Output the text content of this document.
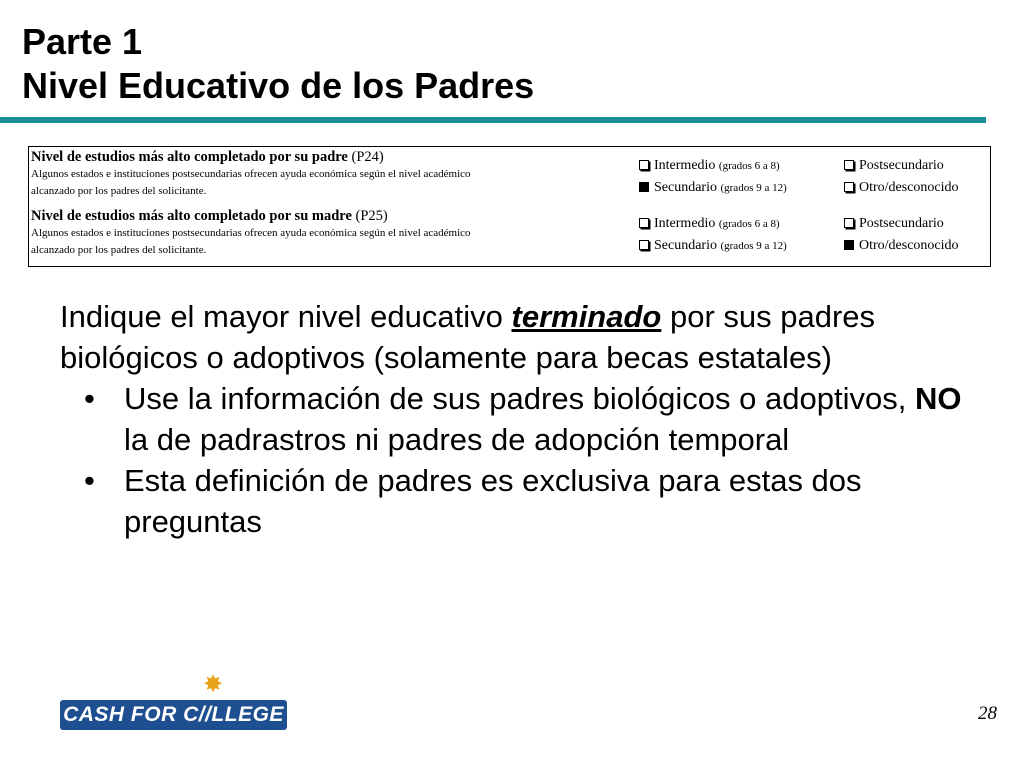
Parte 1
Nivel Educativo de los Padres
Nivel de estudios más alto completado por su padre (P24)
Algunos estados e instituciones postsecundarias ofrecen ayuda económica según el nivel académico
alcanzado por los padres del solicitante.
Intermedio (grados 6 a 8)	Postsecundario
Secundario (grados 9 a 12)	Otro/desconocido
Nivel de estudios más alto completado por su madre (P25)
Algunos estados e instituciones postsecundarias ofrecen ayuda económica según el nivel académico
alcanzado por los padres del solicitante.
Intermedio (grados 6 a 8)	Postsecundario
Secundario (grados 9 a 12)	Otro/desconocido
Indique el mayor nivel educativo terminado por sus padres biológicos o adoptivos (solamente para becas estatales)
• Use la información de sus padres biológicos o adoptivos, NO la de padrastros ni padres de adopción temporal
• Esta definición de padres es exclusiva para estas dos preguntas
✸
CASH FOR C//LLEGE	28
